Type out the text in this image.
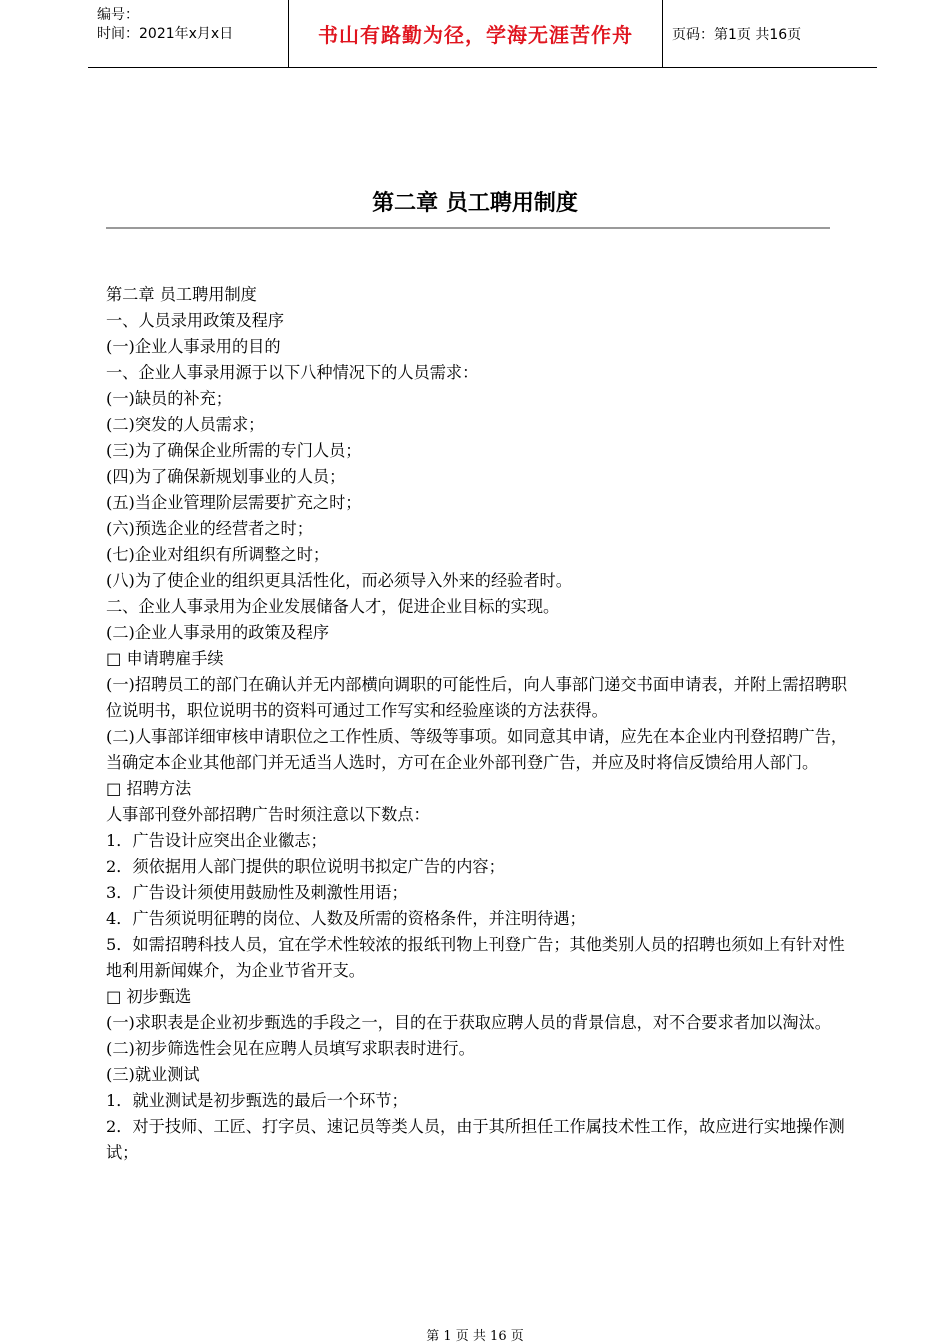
编号：
时间：2021年x月x日	书山有路勤为径，学海无涯苦作舟	页码：第1页 共16页
第二章 员工聘用制度

第二章 员工聘用制度

一、人员录用政策及程序

(一)企业人事录用的目的

一、企业人事录用源于以下八种情况下的人员需求：

(一)缺员的补充；

(二)突发的人员需求；

(三)为了确保企业所需的专门人员；

(四)为了确保新规划事业的人员；

(五)当企业管理阶层需要扩充之时；

(六)预选企业的经营者之时；

(七)企业对组织有所调整之时；

(八)为了使企业的组织更具活性化，而必须导入外来的经验者时。

二、企业人事录用为企业发展储备人才，促进企业目标的实现。

(二)企业人事录用的政策及程序

□ 申请聘雇手续

(一)招聘员工的部门在确认并无内部横向调职的可能性后，向人事部门递交书面申请表，并附上需招聘职位说明书，职位说明书的资料可通过工作写实和经验座谈的方法获得。

(二)人事部详细审核申请职位之工作性质、等级等事项。如同意其申请，应先在本企业内刊登招聘广告，当确定本企业其他部门并无适当人选时，方可在企业外部刊登广告，并应及时将信反馈给用人部门。

□ 招聘方法

人事部刊登外部招聘广告时须注意以下数点：

1．广告设计应突出企业徽志；

2．须依据用人部门提供的职位说明书拟定广告的内容；

3．广告设计须使用鼓励性及刺激性用语；

4．广告须说明征聘的岗位、人数及所需的资格条件，并注明待遇；

5．如需招聘科技人员，宜在学术性较浓的报纸刊物上刊登广告；其他类别人员的招聘也须如上有针对性地利用新闻媒介，为企业节省开支。

□ 初步甄选

(一)求职表是企业初步甄选的手段之一，目的在于获取应聘人员的背景信息，对不合要求者加以淘汰。

(二)初步筛选性会见在应聘人员填写求职表时进行。

(三)就业测试

1．就业测试是初步甄选的最后一个环节；

2．对于技师、工匠、打字员、速记员等类人员，由于其所担任工作属技术性工作，故应进行实地操作测试；

第 1 页 共 16 页
